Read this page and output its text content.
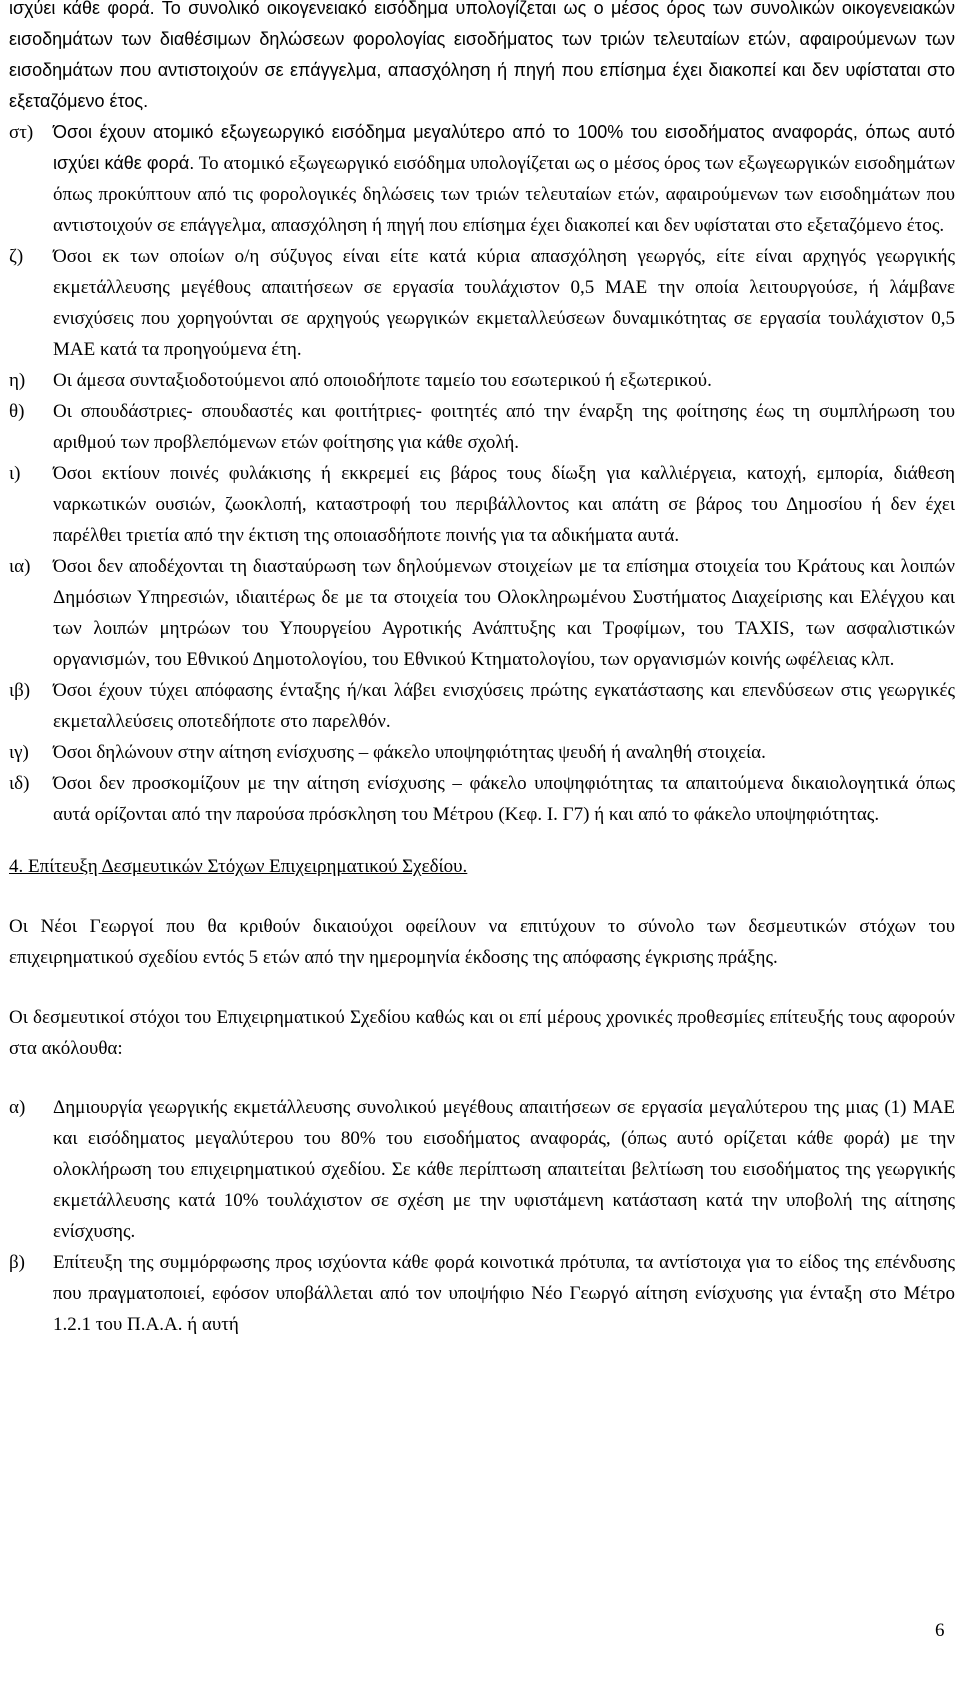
ισχύει κάθε φορά. Το συνολικό οικογενειακό εισόδημα υπολογίζεται ως ο μέσος όρος των συνολικών οικογενειακών εισοδημάτων των διαθέσιμων δηλώσεων φορολογίας εισοδήματος των τριών τελευταίων ετών, αφαιρούμενων των εισοδημάτων που αντιστοιχούν σε επάγγελμα, απασχόληση ή πηγή που επίσημα έχει διακοπεί και δεν υφίσταται στο εξεταζόμενο έτος.

στ)	Όσοι έχουν ατομικό εξωγεωργικό εισόδημα μεγαλύτερο από το 100% του εισοδήματος αναφοράς, όπως αυτό ισχύει κάθε φορά. Το ατομικό εξωγεωργικό εισόδημα υπολογίζεται ως ο μέσος όρος των εξωγεωργικών εισοδημάτων όπως προκύπτουν από τις φορολογικές δηλώσεις των τριών τελευταίων ετών, αφαιρούμενων των εισοδημάτων που αντιστοιχούν σε επάγγελμα, απασχόληση ή πηγή που επίσημα έχει διακοπεί και δεν υφίσταται στο εξεταζόμενο έτος.
ζ)	Όσοι εκ των οποίων ο/η σύζυγος είναι είτε κατά κύρια απασχόληση γεωργός, είτε είναι αρχηγός γεωργικής εκμετάλλευσης μεγέθους απαιτήσεων σε εργασία τουλάχιστον 0,5 ΜΑΕ την οποία λειτουργούσε, ή λάμβανε ενισχύσεις που χορηγούνται σε αρχηγούς γεωργικών εκμεταλλεύσεων δυναμικότητας σε εργασία τουλάχιστον 0,5 ΜΑΕ κατά τα προηγούμενα έτη.
η)	Οι άμεσα συνταξιοδοτούμενοι από οποιοδήποτε ταμείο του εσωτερικού ή εξωτερικού.
θ)	Οι σπουδάστριες- σπουδαστές και φοιτήτριες- φοιτητές από την έναρξη της φοίτησης έως τη συμπλήρωση του αριθμού των προβλεπόμενων ετών φοίτησης για κάθε σχολή.
ι)	Όσοι εκτίουν ποινές φυλάκισης ή εκκρεμεί εις βάρος τους δίωξη για καλλιέργεια, κατοχή, εμπορία, διάθεση ναρκωτικών ουσιών, ζωοκλοπή, καταστροφή του περιβάλλοντος και απάτη σε βάρος του Δημοσίου ή δεν έχει παρέλθει τριετία από την έκτιση της οποιασδήποτε ποινής για τα αδικήματα αυτά.
ια)	Όσοι δεν αποδέχονται τη διασταύρωση των δηλούμενων στοιχείων με τα επίσημα στοιχεία του Κράτους και λοιπών Δημόσιων Υπηρεσιών, ιδιαιτέρως δε με τα στοιχεία του Ολοκληρωμένου Συστήματος Διαχείρισης και Ελέγχου και των λοιπών μητρώων του Υπουργείου Αγροτικής Ανάπτυξης και Τροφίμων, του TAXIS, των ασφαλιστικών οργανισμών, του Εθνικού Δημοτολογίου, του Εθνικού Κτηματολογίου, των οργανισμών κοινής ωφέλειας κλπ.
ιβ)	Όσοι έχουν τύχει απόφασης ένταξης ή/και λάβει ενισχύσεις πρώτης εγκατάστασης και επενδύσεων στις γεωργικές εκμεταλλεύσεις οποτεδήποτε στο παρελθόν.
ιγ)	Όσοι δηλώνουν στην αίτηση ενίσχυσης – φάκελο υποψηφιότητας ψευδή ή αναληθή στοιχεία.
ιδ)	Όσοι δεν προσκομίζουν με την αίτηση ενίσχυσης – φάκελο υποψηφιότητας τα απαιτούμενα δικαιολογητικά όπως αυτά ορίζονται από την παρούσα πρόσκληση του Μέτρου (Κεφ. Ι. Γ7) ή και από το φάκελο υποψηφιότητας.

4. Επίτευξη Δεσμευτικών Στόχων Επιχειρηματικού Σχεδίου.

Οι Νέοι Γεωργοί που θα κριθούν δικαιούχοι οφείλουν να επιτύχουν το σύνολο των δεσμευτικών στόχων του επιχειρηματικού σχεδίου εντός 5 ετών από την ημερομηνία έκδοσης της απόφασης έγκρισης πράξης.

Οι δεσμευτικοί στόχοι του Επιχειρηματικού Σχεδίου καθώς και οι επί μέρους χρονικές προθεσμίες επίτευξής τους αφορούν στα ακόλουθα:

α)	Δημιουργία γεωργικής εκμετάλλευσης συνολικού μεγέθους απαιτήσεων σε εργασία μεγαλύτερου της μιας (1) ΜΑΕ και εισόδηματος μεγαλύτερου του 80% του εισοδήματος αναφοράς, (όπως αυτό ορίζεται κάθε φορά) με την ολοκλήρωση του επιχειρηματικού σχεδίου. Σε κάθε περίπτωση απαιτείται βελτίωση του εισοδήματος της γεωργικής εκμετάλλευσης κατά 10% τουλάχιστον σε σχέση με την υφιστάμενη κατάσταση κατά την υποβολή της αίτησης ενίσχυσης.
β)	Επίτευξη της συμμόρφωσης προς ισχύοντα κάθε φορά κοινοτικά πρότυπα, τα αντίστοιχα για το είδος της επένδυσης που πραγματοποιεί, εφόσον υποβάλλεται από τον υποψήφιο Νέο Γεωργό αίτηση ενίσχυσης για ένταξη στο Μέτρο 1.2.1 του Π.Α.Α. ή αυτή
6
